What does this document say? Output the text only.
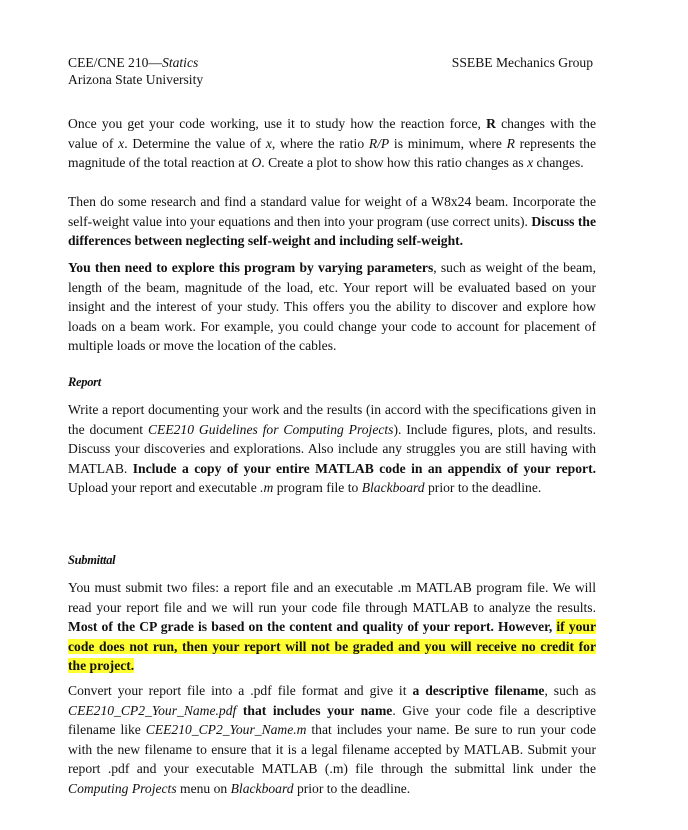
CEE/CNE 210—Statics
Arizona State University
SSEBE Mechanics Group

Once you get your code working, use it to study how the reaction force, R changes with the value of x. Determine the value of x, where the ratio R/P is minimum, where R represents the magnitude of the total reaction at O. Create a plot to show how this ratio changes as x changes.

Then do some research and find a standard value for weight of a W8x24 beam. Incorporate the self-weight value into your equations and then into your program (use correct units). Discuss the differences between neglecting self-weight and including self-weight.

You then need to explore this program by varying parameters, such as weight of the beam, length of the beam, magnitude of the load, etc. Your report will be evaluated based on your insight and the interest of your study. This offers you the ability to discover and explore how loads on a beam work. For example, you could change your code to account for placement of multiple loads or move the location of the cables.

Report

Write a report documenting your work and the results (in accord with the specifications given in the document CEE210 Guidelines for Computing Projects). Include figures, plots, and results. Discuss your discoveries and explorations. Also include any struggles you are still having with MATLAB. Include a copy of your entire MATLAB code in an appendix of your report. Upload your report and executable .m program file to Blackboard prior to the deadline.

Submittal

You must submit two files: a report file and an executable .m MATLAB program file. We will read your report file and we will run your code file through MATLAB to analyze the results. Most of the CP grade is based on the content and quality of your report. However, if your code does not run, then your report will not be graded and you will receive no credit for the project.

Convert your report file into a .pdf file format and give it a descriptive filename, such as CEE210_CP2_Your_Name.pdf that includes your name. Give your code file a descriptive filename like CEE210_CP2_Your_Name.m that includes your name. Be sure to run your code with the new filename to ensure that it is a legal filename accepted by MATLAB. Submit your report .pdf and your executable MATLAB (.m) file through the submittal link under the Computing Projects menu on Blackboard prior to the deadline.
